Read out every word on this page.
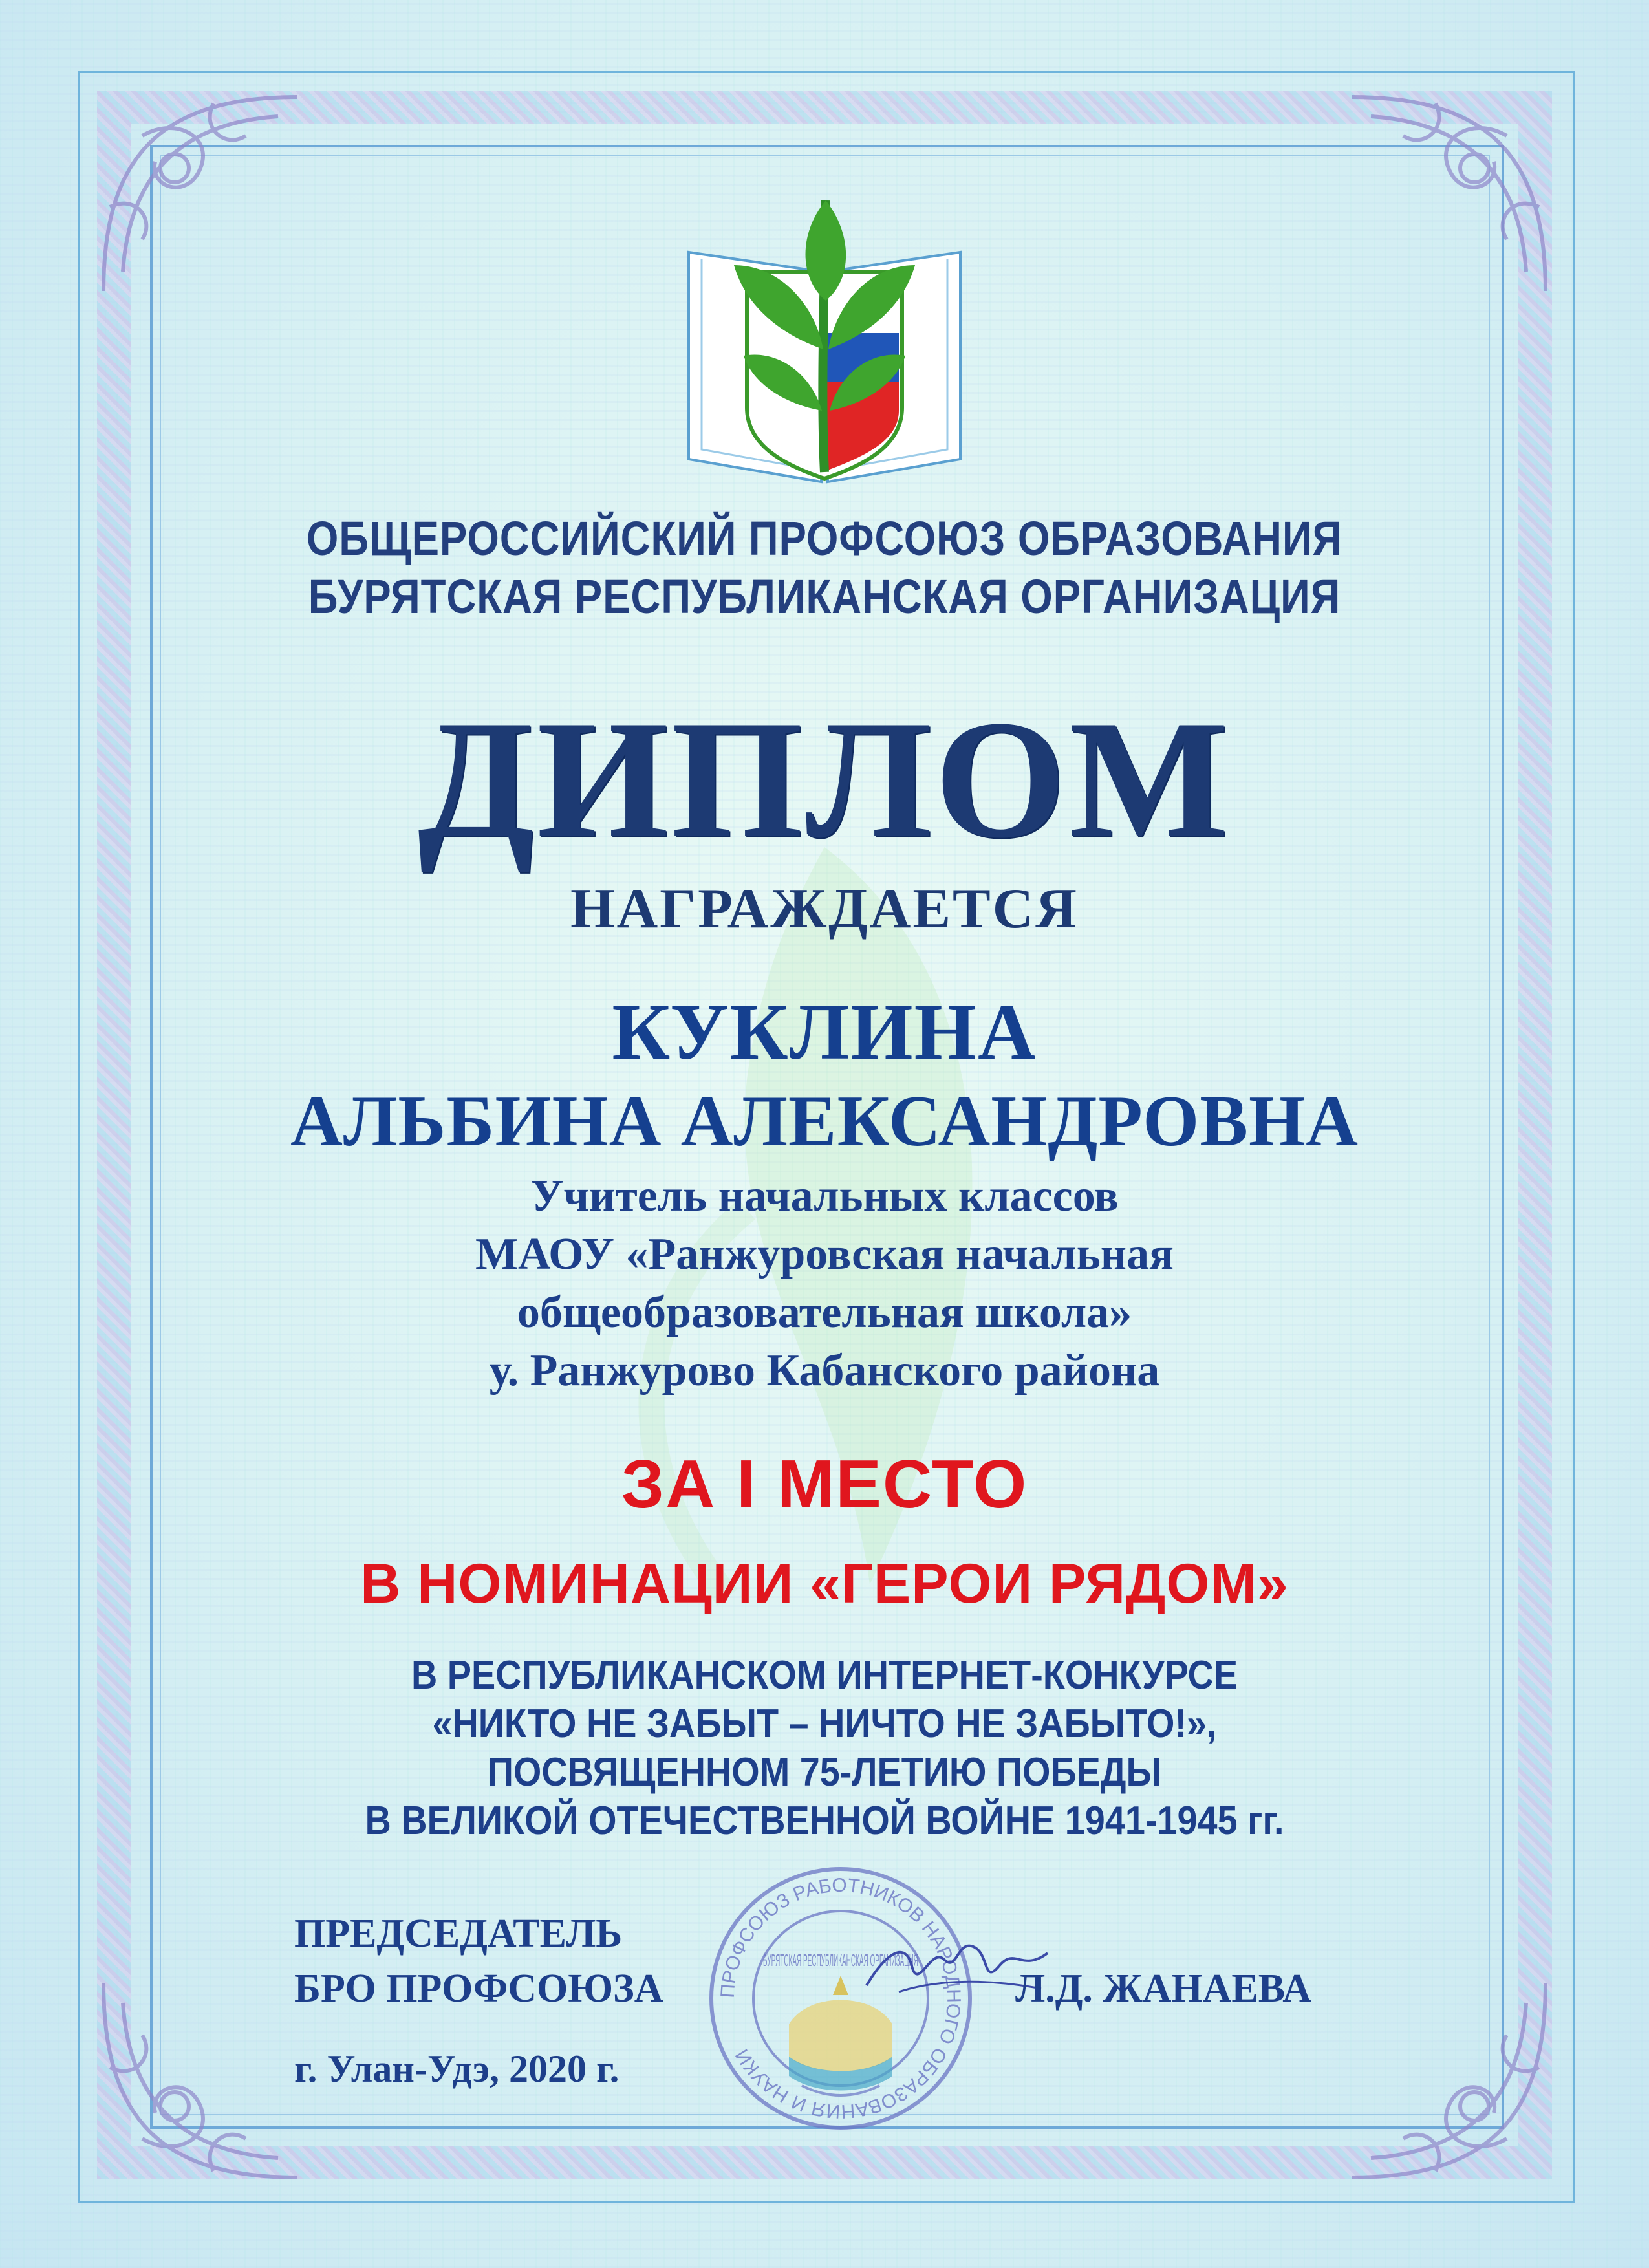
ОБЩЕРОССИЙСКИЙ ПРОФСОЮЗ ОБРАЗОВАНИЯ
БУРЯТСКАЯ РЕСПУБЛИКАНСКАЯ ОРГАНИЗАЦИЯ
ДИПЛОМ
НАГРАЖДАЕТСЯ
КУКЛИНА
АЛЬБИНА АЛЕКСАНДРОВНА
Учитель начальных классов
МАОУ «Ранжуровская начальная
общеобразовательная школа»
у. Ранжурово Кабанского района
ЗА I МЕСТО
В НОМИНАЦИИ «ГЕРОИ РЯДОМ»
В РЕСПУБЛИКАНСКОМ ИНТЕРНЕТ-КОНКУРСЕ
«НИКТО НЕ ЗАБЫТ – НИЧТО НЕ ЗАБЫТО!»,
ПОСВЯЩЕННОМ 75-ЛЕТИЮ ПОБЕДЫ
В ВЕЛИКОЙ ОТЕЧЕСТВЕННОЙ ВОЙНЕ 1941-1945 гг.
ПРОФСОЮЗ РАБОТНИКОВ НАРОДНОГО ОБРАЗОВАНИЯ И НАУКИ
БУРЯТСКАЯ РЕСПУБЛИКАНСКАЯ ОРГАНИЗАЦИЯ
ПРЕДСЕДАТЕЛЬ
БРО ПРОФСОЮЗА	Л.Д. ЖАНАЕВА
г. Улан-Удэ, 2020 г.
